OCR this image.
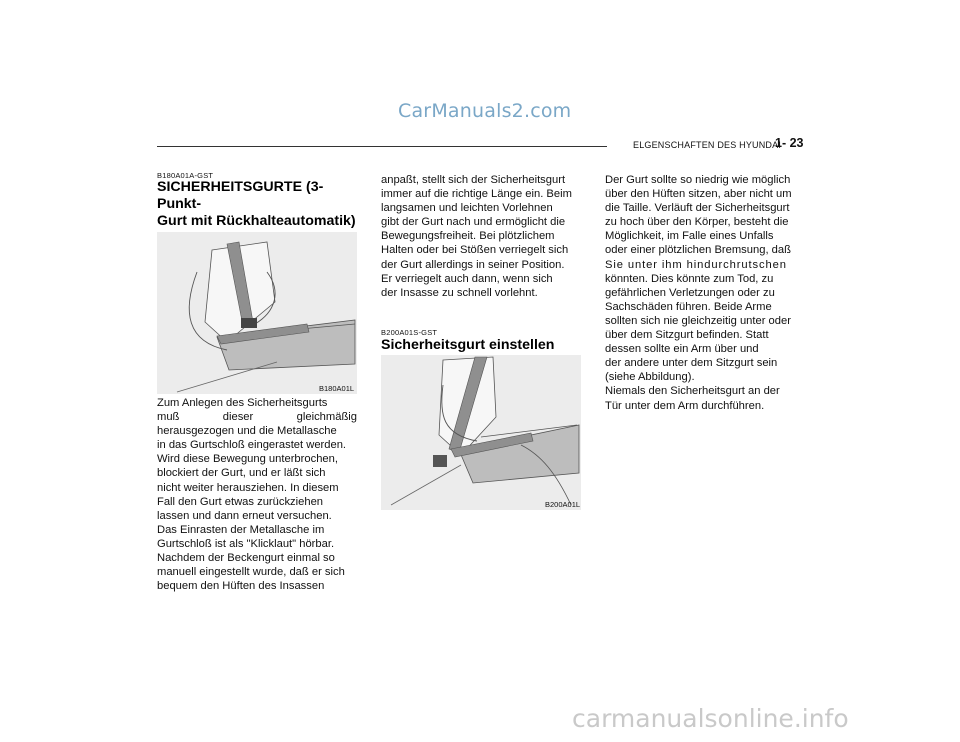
CarManuals2.com
ELGENSCHAFTEN DES HYUNDAI
1- 23
B180A01A-GST
SICHERHEITSGURTE (3-Punkt-
Gurt mit Rückhalteautomatik)
B180A01L

Zum Anlegen des Sicherheitsgurts
muß dieser gleichmäßig
herausgezogen und die Metallasche
in das Gurtschloß eingerastet werden.
Wird diese Bewegung unterbrochen,
blockiert der Gurt, und er läßt sich
nicht weiter herausziehen. In diesem
Fall den Gurt etwas zurückziehen
lassen und dann erneut versuchen.
Das Einrasten der Metallasche im
Gurtschloß ist als "Klicklaut" hörbar.
Nachdem der Beckengurt einmal so
manuell eingestellt wurde, daß er sich
bequem den Hüften des Insassen

anpaßt, stellt sich der Sicherheitsgurt
immer auf die richtige Länge ein. Beim
langsamen und leichten Vorlehnen
gibt der Gurt nach und ermöglicht die
Bewegungsfreiheit. Bei plötzlichem
Halten oder bei Stößen verriegelt sich
der Gurt allerdings in seiner Position.
Er verriegelt auch dann, wenn sich
der Insasse zu schnell vorlehnt.

B200A01S-GST
Sicherheitsgurt einstellen
B200A01L

Der Gurt sollte so niedrig wie möglich
über den Hüften sitzen, aber nicht um
die Taille. Verläuft der Sicherheitsgurt
zu hoch über den Körper, besteht die
Möglichkeit, im Falle eines Unfalls
oder einer plötzlichen Bremsung, daß
Sie unter ihm hindurchrutschen
könnten. Dies könnte zum Tod, zu
gefährlichen Verletzungen oder zu
Sachschäden führen. Beide Arme
sollten sich nie gleichzeitig unter oder
über dem Sitzgurt befinden. Statt
dessen sollte ein Arm über und
der andere unter dem Sitzgurt sein
(siehe Abbildung).
Niemals den Sicherheitsgurt an der
Tür unter dem Arm durchführen.

carmanualsonline.info
